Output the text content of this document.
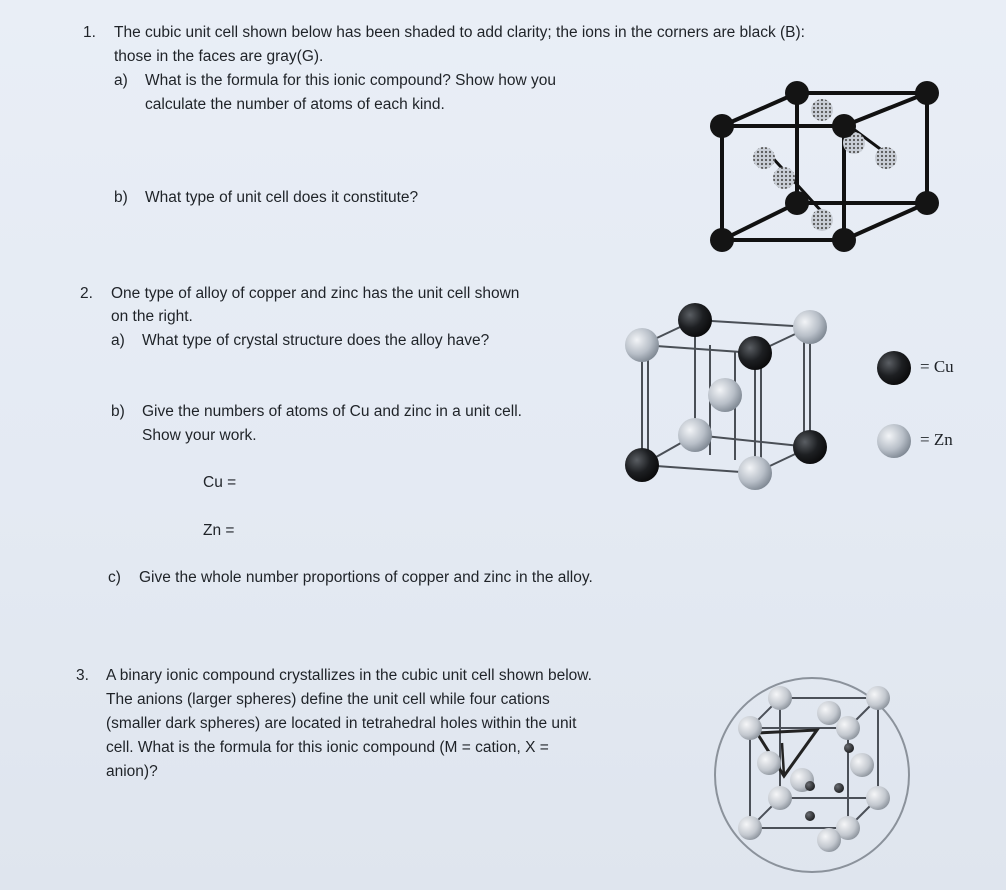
1. The cubic unit cell shown below has been shaded to add clarity; the ions in the corners are black (B):
those in the faces are gray(G).
a) What is the formula for this ionic compound? Show how you
calculate the number of atoms of each kind.
b) What type of unit cell does it constitute?
2. One type of alloy of copper and zinc has the unit cell shown
on the right.
a) What type of crystal structure does the alloy have?
b) Give the numbers of atoms of Cu and zinc in a unit cell.
Show your work.
Cu =
Zn =
c) Give the whole number proportions of copper and zinc in the alloy.
= Cu
= Zn
3. A binary ionic compound crystallizes in the cubic unit cell shown below.
The anions (larger spheres) define the unit cell while four cations
(smaller dark spheres) are located in tetrahedral holes within the unit
cell. What is the formula for this ionic compound (M = cation, X =
anion)?
